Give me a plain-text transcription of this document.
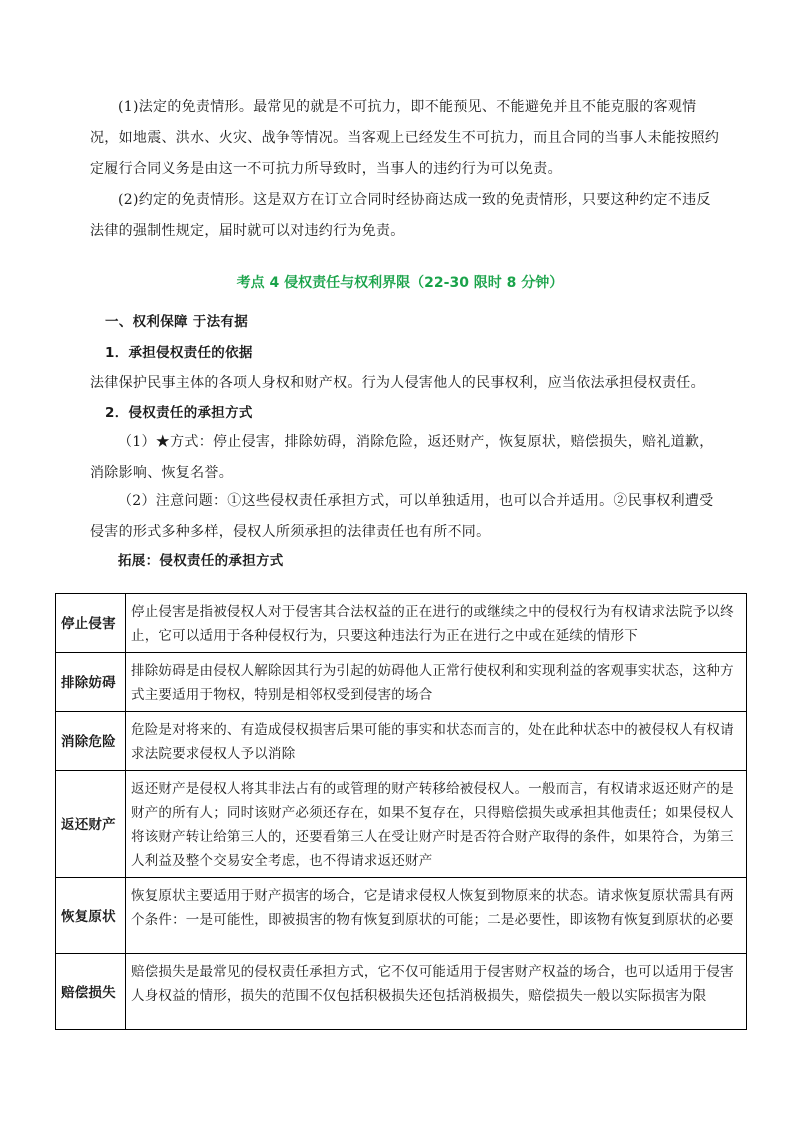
(1)法定的免责情形。最常见的就是不可抗力，即不能预见、不能避免并且不能克服的客观情况，如地震、洪水、火灾、战争等情况。当客观上已经发生不可抗力，而且合同的当事人未能按照约定履行合同义务是由这一不可抗力所导致时，当事人的违约行为可以免责。

(2)约定的免责情形。这是双方在订立合同时经协商达成一致的免责情形，只要这种约定不违反法律的强制性规定，届时就可以对违约行为免责。

考点 4 侵权责任与权利界限（22-30 限时 8 分钟）

一、权利保障 于法有据

1．承担侵权责任的依据

法律保护民事主体的各项人身权和财产权。行为人侵害他人的民事权利，应当依法承担侵权责任。

2．侵权责任的承担方式

（1）★方式：停止侵害，排除妨碍，消除危险，返还财产，恢复原状，赔偿损失，赔礼道歉，消除影响、恢复名誉。

（2）注意问题：①这些侵权责任承担方式，可以单独适用，也可以合并适用。②民事权利遭受侵害的形式多种多样，侵权人所须承担的法律责任也有所不同。

拓展：侵权责任的承担方式

停止侵害	停止侵害是指被侵权人对于侵害其合法权益的正在进行的或继续之中的侵权行为有权请求法院予以终止，它可以适用于各种侵权行为，只要这种违法行为正在进行之中或在延续的情形下
排除妨碍	排除妨碍是由侵权人解除因其行为引起的妨碍他人正常行使权利和实现利益的客观事实状态，这种方式主要适用于物权，特别是相邻权受到侵害的场合
消除危险	危险是对将来的、有造成侵权损害后果可能的事实和状态而言的，处在此种状态中的被侵权人有权请求法院要求侵权人予以消除
返还财产	返还财产是侵权人将其非法占有的或管理的财产转移给被侵权人。一般而言，有权请求返还财产的是财产的所有人；同时该财产必须还存在，如果不复存在，只得赔偿损失或承担其他责任；如果侵权人将该财产转让给第三人的，还要看第三人在受让财产时是否符合财产取得的条件，如果符合，为第三人利益及整个交易安全考虑，也不得请求返还财产
恢复原状	恢复原状主要适用于财产损害的场合，它是请求侵权人恢复到物原来的状态。请求恢复原状需具有两个条件：一是可能性，即被损害的物有恢复到原状的可能；二是必要性，即该物有恢复到原状的必要
赔偿损失	赔偿损失是最常见的侵权责任承担方式，它不仅可能适用于侵害财产权益的场合，也可以适用于侵害人身权益的情形，损失的范围不仅包括积极损失还包括消极损失，赔偿损失一般以实际损害为限
